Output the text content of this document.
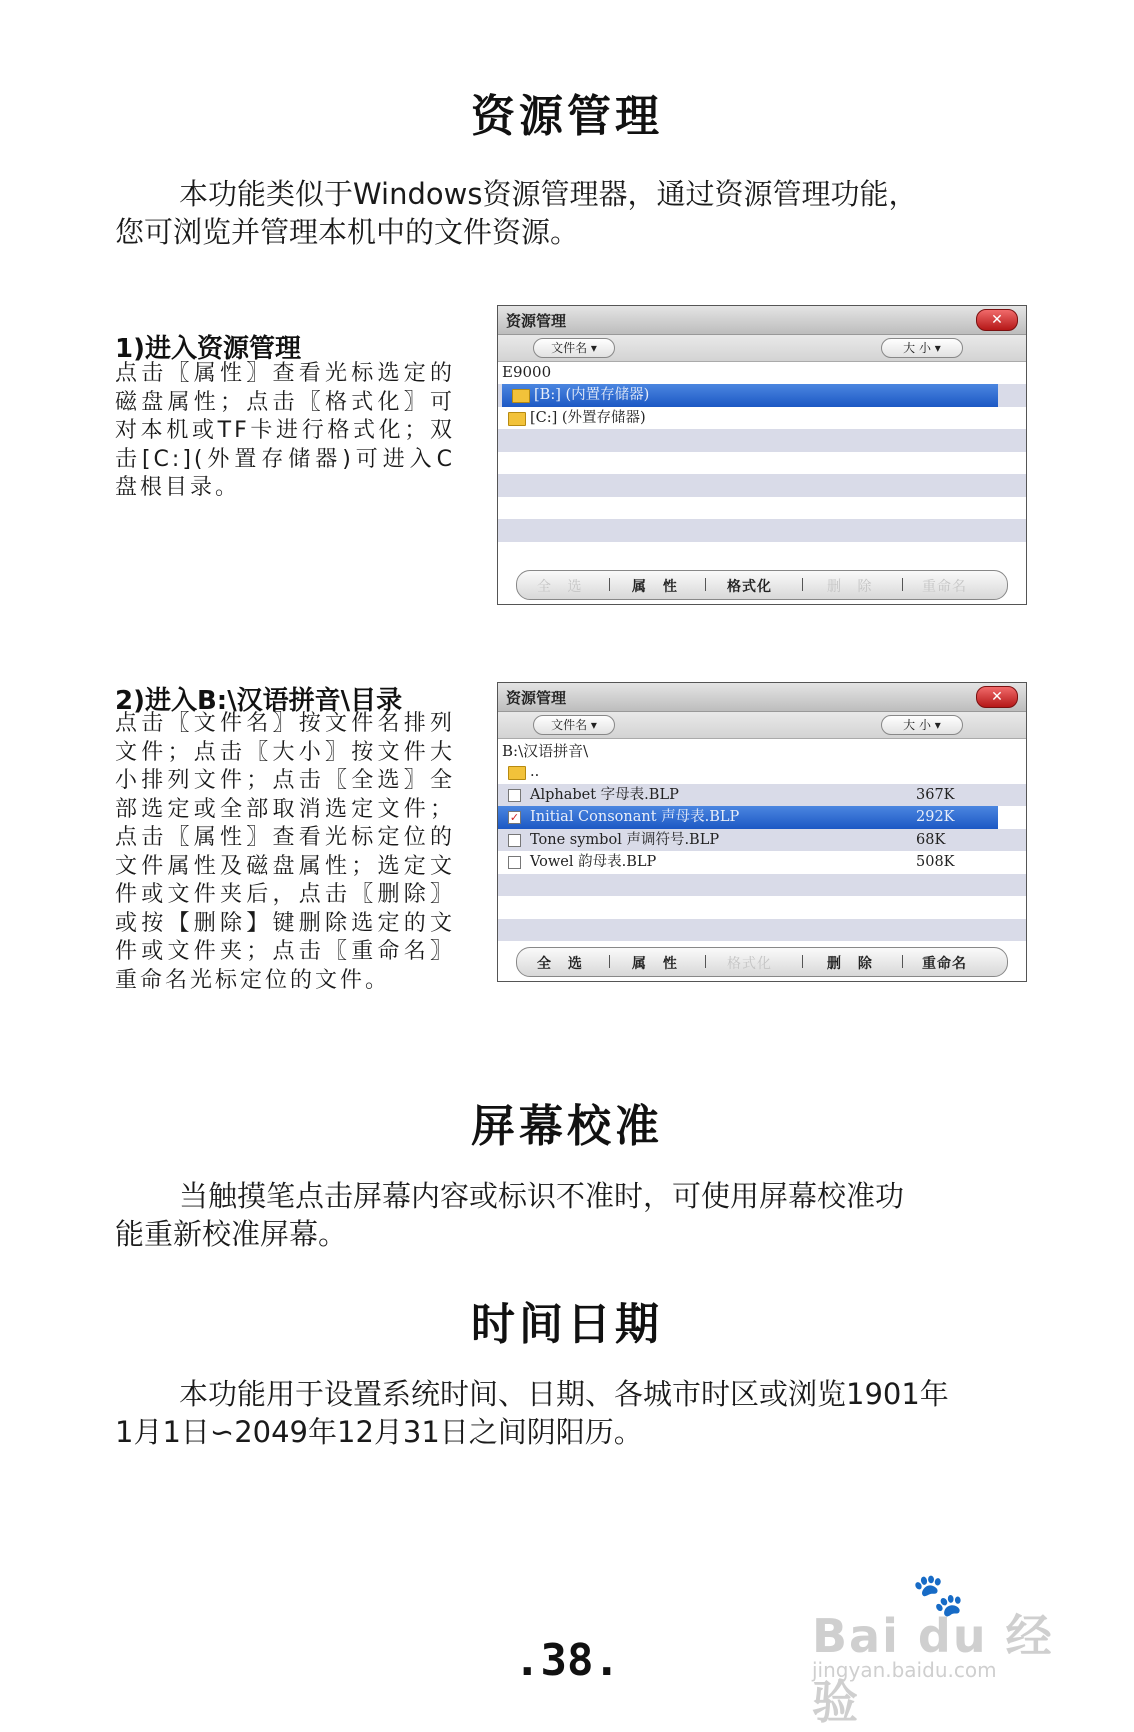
资源管理
本功能类似于Windows资源管理器，通过资源管理功能，
您可浏览并管理本机中的文件资源。
1)进入资源管理
点击〖属性〗查看光标选定的磁盘属性；点击〖格式化〗可对本机或TF卡进行格式化；双击[C:](外置存储器)可进入C盘根目录。
资源管理	✕
文件名 ▾	大 小 ▾
E9000
[B:] (内置存储器)
[C:] (外置存储器)
全 选	属 性	格式化	删 除	重命名
2)进入B:\汉语拼音\目录
点击〖文件名〗按文件名排列文件；点击〖大小〗按文件大小排列文件；点击〖全选〗全部选定或全部取消选定文件；点击〖属性〗查看光标定位的文件属性及磁盘属性；选定文件或文件夹后，点击〖删除〗或按【删除】键删除选定的文件或文件夹；点击〖重命名〗重命名光标定位的文件。
资源管理	✕
文件名 ▾	大 小 ▾
B:\汉语拼音\
..
Alphabet 字母表.BLP	367K
✓ Initial Consonant 声母表.BLP	292K
Tone symbol 声调符号.BLP	68K
Vowel 韵母表.BLP	508K
全 选	属 性	格式化	删 除	重命名
屏幕校准
当触摸笔点击屏幕内容或标识不准时，可使用屏幕校准功
能重新校准屏幕。
时间日期
本功能用于设置系统时间、日期、各城市时区或浏览1901年
1月1日∽2049年12月31日之间阴阳历。
.38.
🐾
Bai du 经验
jingyan.baidu.com
